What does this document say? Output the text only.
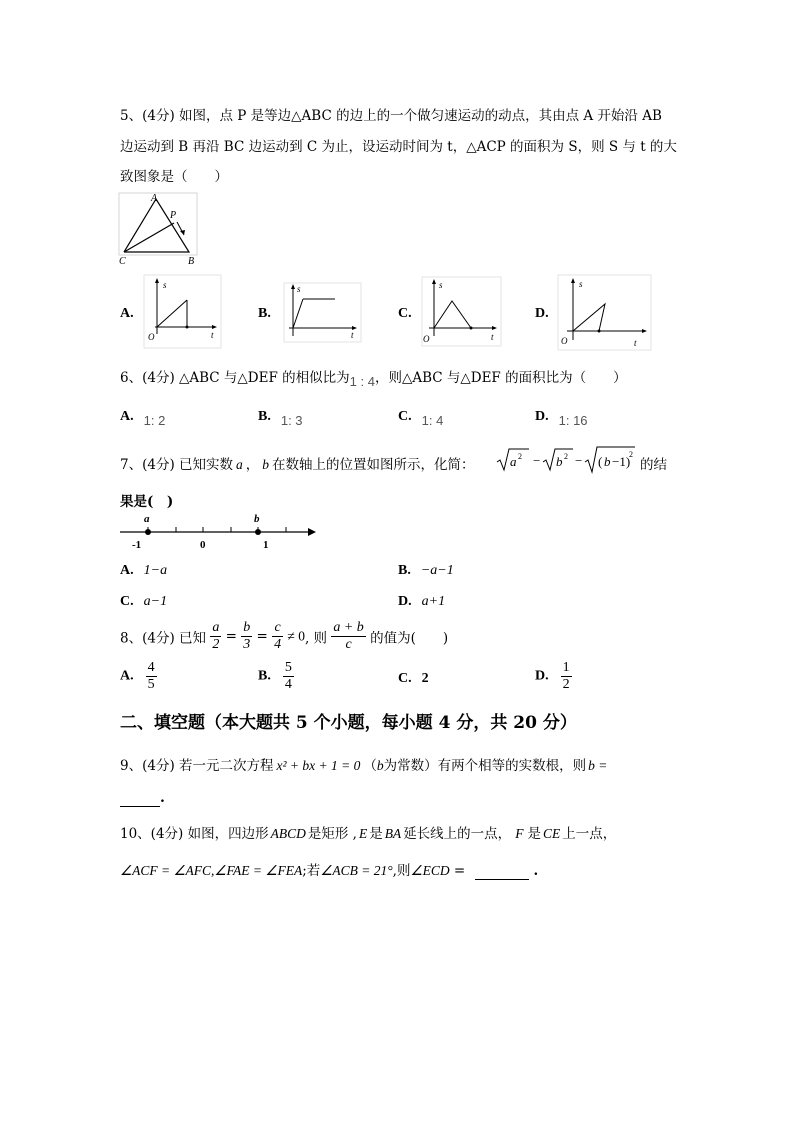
5、(4分) 如图，点 P 是等边△ABC 的边上的一个做匀速运动的动点，其由点 A 开始沿 AB
边运动到 B 再沿 BC 边运动到 C 为止，设运动时间为 t，△ACP 的面积为 S，则 S 与 t 的大
致图象是（　　）
A
P
C	B
A.
s
t
O
B.
s
t
C.
s
t
O
D.
s
t
O
6、(4分) △ABC 与△DEF 的相似比为1 : 4，则△ABC 与△DEF 的面积比为（　　）
A. 1: 2	B. 1: 3	C. 1: 4	D. 1: 16
7、(4分) 已知实数 a ， b 在数轴上的位置如图所示，化简：	a 2 − b 2 − ( b −1)
2
的结
果是(　)
a	b
-1	0	1
A. 1−a	B. −a−1
C. a−1	D. a+1
8、(4分) 已知 $\frac{a}{2} = \frac{b}{3} = \frac{c}{4} \ne 0$, 则 $\frac{a + b}{c}$ 的值为(　　)
A. $\frac{4}{5}$	B. $\frac{5}{4}$	C. 2	D. $\frac{1}{2}$
二、填空题（本大题共 5 个小题，每小题 4 分，共 20 分）
9、(4分) 若一元二次方程 x² + bx + 1 = 0 （b为常数）有两个相等的实数根，则 b =
.
10、(4分) 如图，四边形 ABCD 是矩形 , E 是 BA 延长线上的一点， F 是 CE 上一点，
∠ACF = ∠AFC,∠FAE = ∠FEA;若∠ACB = 21°,则∠ECD =	.
